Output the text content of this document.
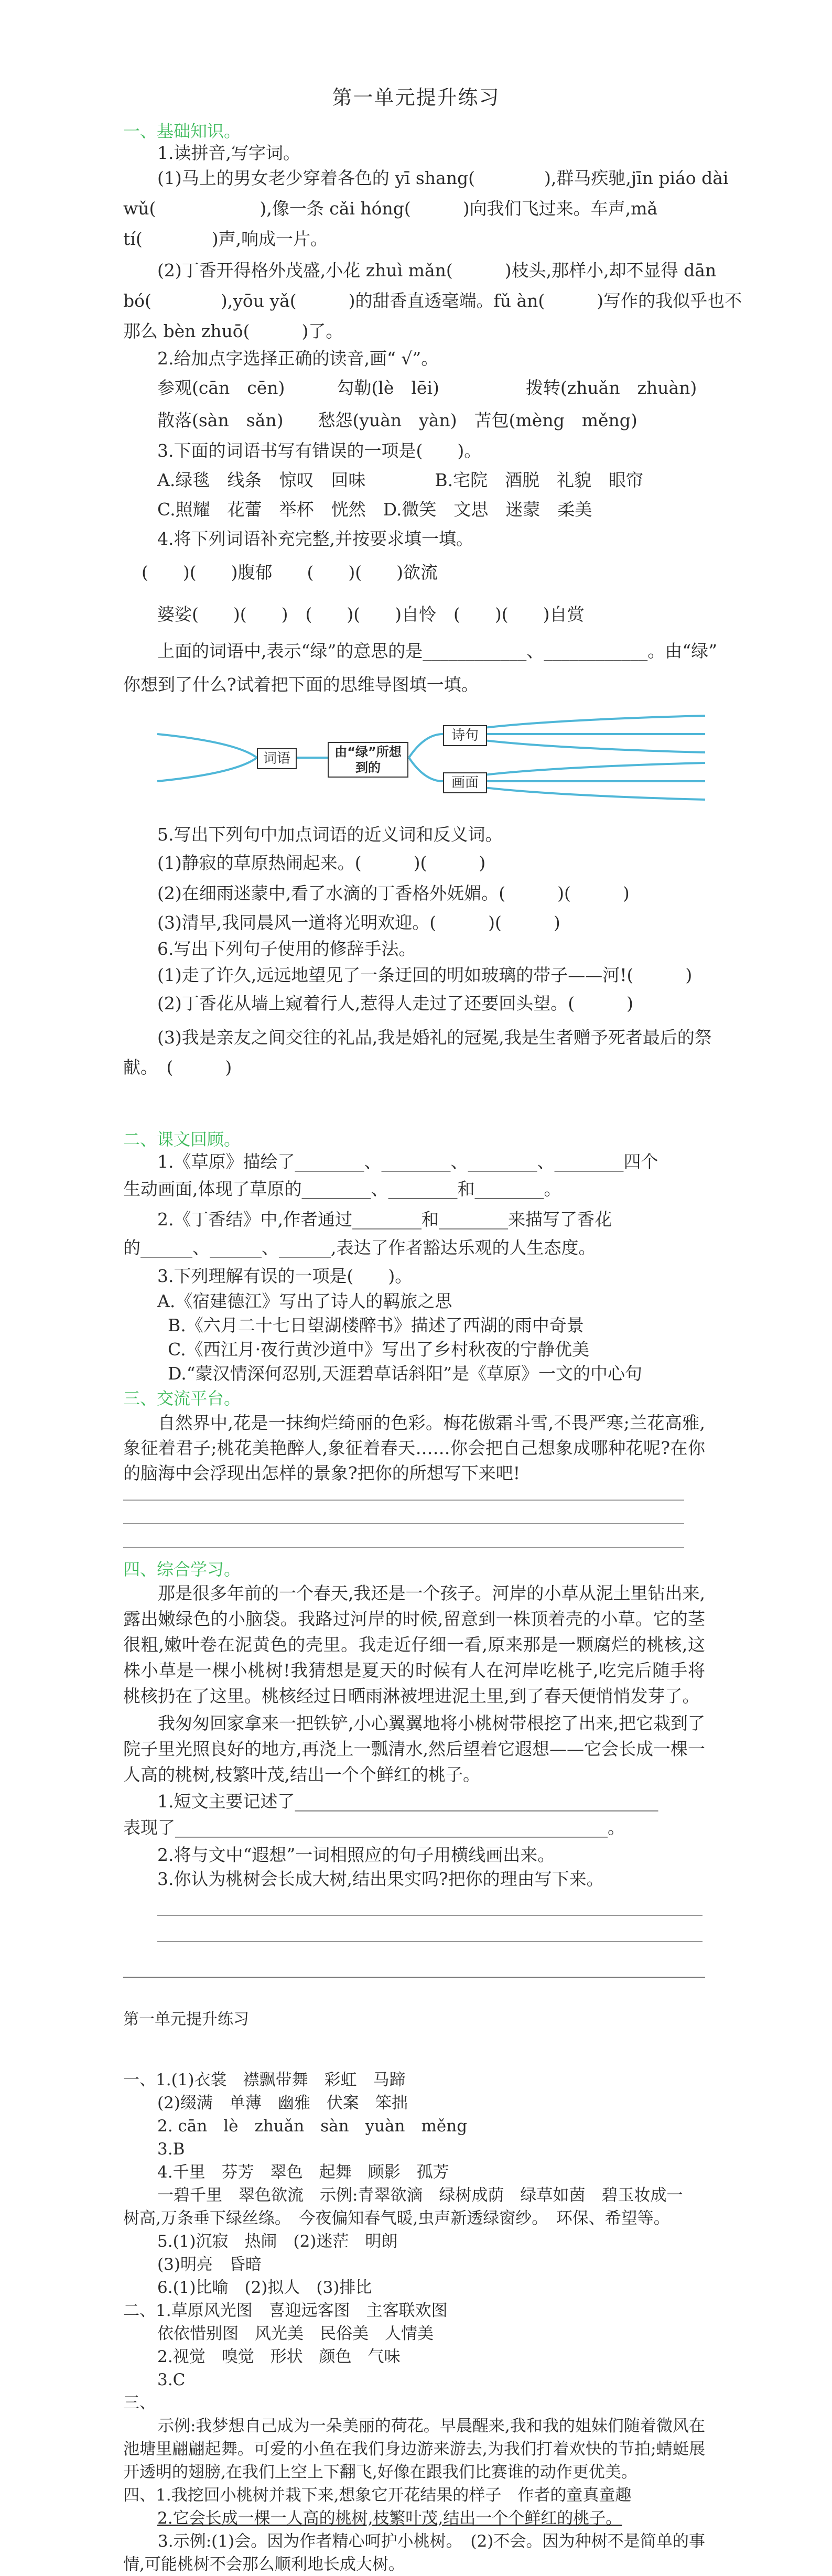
第一单元提升练习
一、基础知识。
1.读拼音,写字词。
(1)马上的男女老少穿着各色的 yī shang(　　　　),群马疾驰,jīn piáo dài
wǔ(　　　　　　),像一条 cǎi hóng(　　　)向我们飞过来。车声,mǎ
tí(　　　　)声,响成一片。
(2)丁香开得格外茂盛,小花 zhuì mǎn(　　　)枝头,那样小,却不显得 dān
bó(　　　　),yōu yǎ(　　　)的甜香直透毫端。fǔ àn(　　　)写作的我似乎也不
那么 bèn zhuō(　　　)了。
2.给加点字选择正确的读音,画“ √”。
参观(cān　cēn)　　　勾勒(lè　lēi)　　　　　拨转(zhuǎn　zhuàn)
散落(sàn　sǎn)　　愁怨(yuàn　yàn)　苫包(mèng　měng)
3.下面的词语书写有错误的一项是(　　)。
A.绿毯　线条　惊叹　回味　　　　B.宅院　酒脱　礼貌　眼帘
C.照耀　花蕾　举杯　恍然　D.微笑　文思　迷蒙　柔美
4.将下列词语补充完整,并按要求填一填。
(　　)(　　)腹郁　　(　　)(　　)欲流
婆娑(　　)(　　)　(　　)(　　)自怜　(　　)(　　)自赏
上面的词语中,表示“绿”的意思的是____________、____________。由“绿”
你想到了什么?试着把下面的思维导图填一填。
词语	由“绿”所想到的
诗句
画面
5.写出下列句中加点词语的近义词和反义词。
(1)静寂的草原热闹起来。(　　　)(　　　)
(2)在细雨迷蒙中,看了水滴的丁香格外妩媚。(　　　)(　　　)
(3)清早,我同晨风一道将光明欢迎。(　　　)(　　　)
6.写出下列句子使用的修辞手法。
(1)走了许久,远远地望见了一条迂回的明如玻璃的带子——河!(　　　)
(2)丁香花从墙上窥着行人,惹得人走过了还要回头望。(　　　)
(3)我是亲友之间交往的礼品,我是婚礼的冠冕,我是生者赠予死者最后的祭
献。　(　　　)
二、课文回顾。
1.《草原》描绘了________、________、________、________四个
生动画面,体现了草原的________、________和________。
2.《丁香结》中,作者通过________和________来描写了香花
的______、______、______,表达了作者豁达乐观的人生态度。
3.下列理解有误的一项是(　　)。
A.《宿建德江》写出了诗人的羁旅之思
B.《六月二十七日望湖楼醉书》描述了西湖的雨中奇景
C.《西江月·夜行黄沙道中》写出了乡村秋夜的宁静优美
D.“蒙汉情深何忍别,天涯碧草话斜阳”是《草原》一文的中心句
三、交流平台。
自然界中,花是一抹绚烂绮丽的色彩。梅花傲霜斗雪,不畏严寒;兰花高雅,象征着君子;桃花美艳醉人,象征着春天……你会把自己想象成哪种花呢?在你的脑海中会浮现出怎样的景象?把你的所想写下来吧!
四、综合学习。
那是很多年前的一个春天,我还是一个孩子。河岸的小草从泥土里钻出来,露出嫩绿色的小脑袋。我路过河岸的时候,留意到一株顶着壳的小草。它的茎很粗,嫩叶卷在泥黄色的壳里。我走近仔细一看,原来那是一颗腐烂的桃核,这株小草是一棵小桃树!我猜想是夏天的时候有人在河岸吃桃子,吃完后随手将桃核扔在了这里。桃核经过日晒雨淋被埋进泥土里,到了春天便悄悄发芽了。
我匆匆回家拿来一把铁铲,小心翼翼地将小桃树带根挖了出来,把它栽到了院子里光照良好的地方,再浇上一瓢清水,然后望着它遐想——它会长成一棵一人高的桃树,枝繁叶茂,结出一个个鲜红的桃子。
1.短文主要记述了__________________________________________
表现了__________________________________________________。
2.将与文中“遐想”一词相照应的句子用横线画出来。
3.你认为桃树会长成大树,结出果实吗?把你的理由写下来。
第一单元提升练习
一、1.(1)衣裳　襟飘带舞　彩虹　马蹄
(2)缀满　单薄　幽雅　伏案　笨拙
2. cān　lè　zhuǎn　sàn　yuàn　měng
3.B
4.千里　芬芳　翠色　起舞　顾影　孤芳
一碧千里　翠色欲流　示例:青翠欲滴　绿树成荫　绿草如茵　碧玉妆成一
树高,万条垂下绿丝绦。　今夜偏知春气暖,虫声新透绿窗纱。　环保、希望等。
5.(1)沉寂　热闹　(2)迷茫　明朗
(3)明亮　昏暗
6.(1)比喻　(2)拟人　(3)排比
二、1.草原风光图　喜迎远客图　主客联欢图
依依惜别图　风光美　民俗美　人情美
2.视觉　嗅觉　形状　颜色　气味
3.C
三、
示例:我梦想自己成为一朵美丽的荷花。早晨醒来,我和我的姐妹们随着微风在池塘里翩翩起舞。可爱的小鱼在我们身边游来游去,为我们打着欢快的节拍;蜻蜓展开透明的翅膀,在我们上空上下翻飞,好像在跟我们比赛谁的动作更优美。
四、1.我挖回小桃树并栽下来,想象它开花结果的样子　作者的童真童趣
2.它会长成一棵一人高的桃树,枝繁叶茂,结出一个个鲜红的桃子。
3.示例:(1)会。因为作者精心呵护小桃树。　(2)不会。因为种树不是简单的事情,可能桃树不会那么顺利地长成大树。
